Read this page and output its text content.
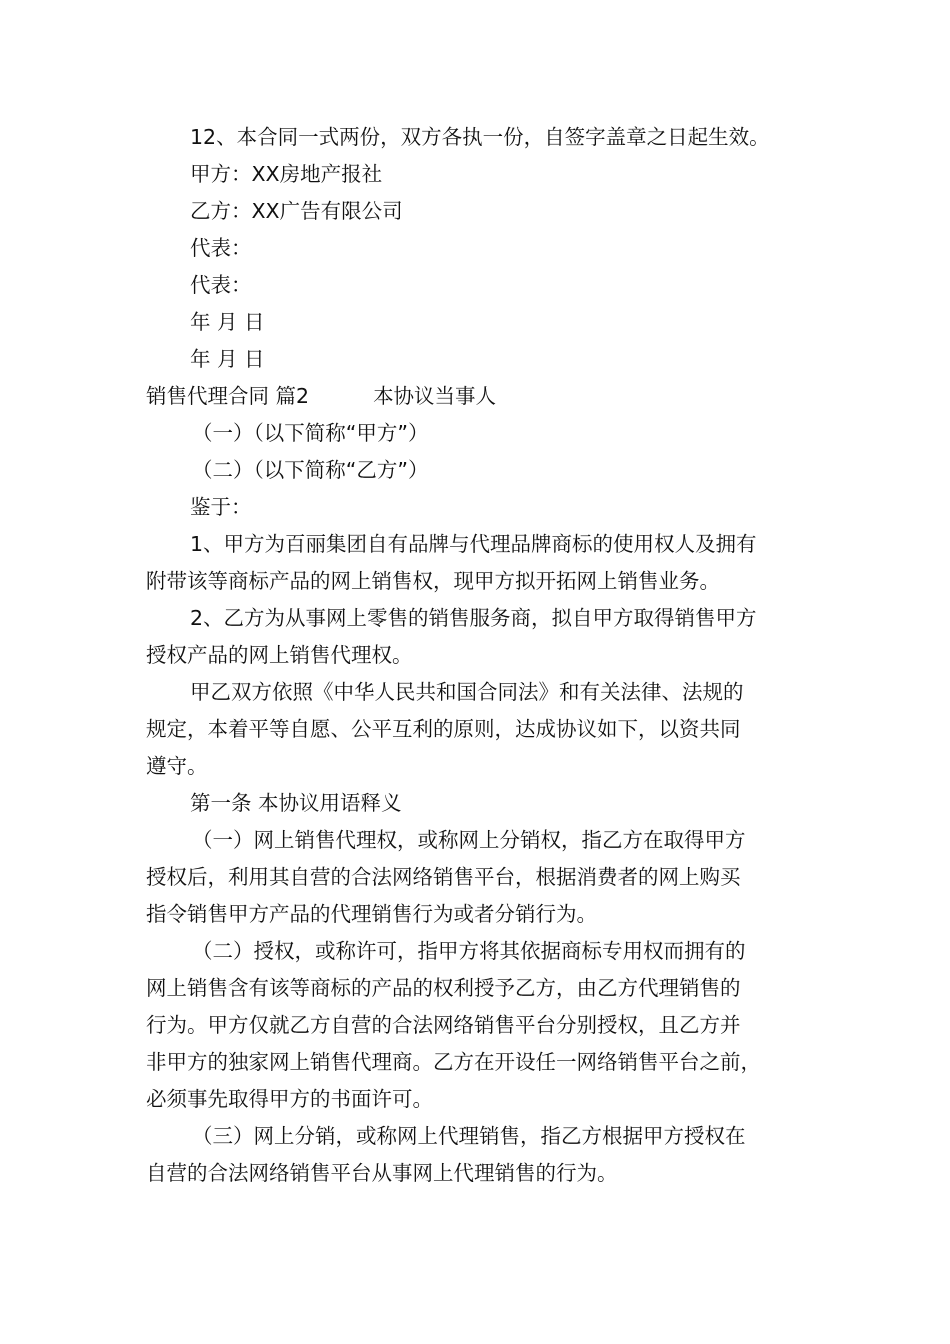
12、本合同一式两份，双方各执一份，自签字盖章之日起生效。
甲方：XX房地产报社
乙方：XX广告有限公司
代表：
代表：
年 月 日
年 月 日
销售代理合同 篇2	本协议当事人
（一）（以下简称“甲方”）
（二）（以下简称“乙方”）
鉴于：
1、甲方为百丽集团自有品牌与代理品牌商标的使用权人及拥有
附带该等商标产品的网上销售权，现甲方拟开拓网上销售业务。
2、乙方为从事网上零售的销售服务商，拟自甲方取得销售甲方
授权产品的网上销售代理权。
甲乙双方依照《中华人民共和国合同法》和有关法律、法规的
规定，本着平等自愿、公平互利的原则，达成协议如下，以资共同
遵守。
第一条 本协议用语释义
（一）网上销售代理权，或称网上分销权，指乙方在取得甲方
授权后，利用其自营的合法网络销售平台，根据消费者的网上购买
指令销售甲方产品的代理销售行为或者分销行为。
（二）授权，或称许可，指甲方将其依据商标专用权而拥有的
网上销售含有该等商标的产品的权利授予乙方，由乙方代理销售的
行为。甲方仅就乙方自营的合法网络销售平台分别授权，且乙方并
非甲方的独家网上销售代理商。乙方在开设任一网络销售平台之前，
必须事先取得甲方的书面许可。
（三）网上分销，或称网上代理销售，指乙方根据甲方授权在
自营的合法网络销售平台从事网上代理销售的行为。
